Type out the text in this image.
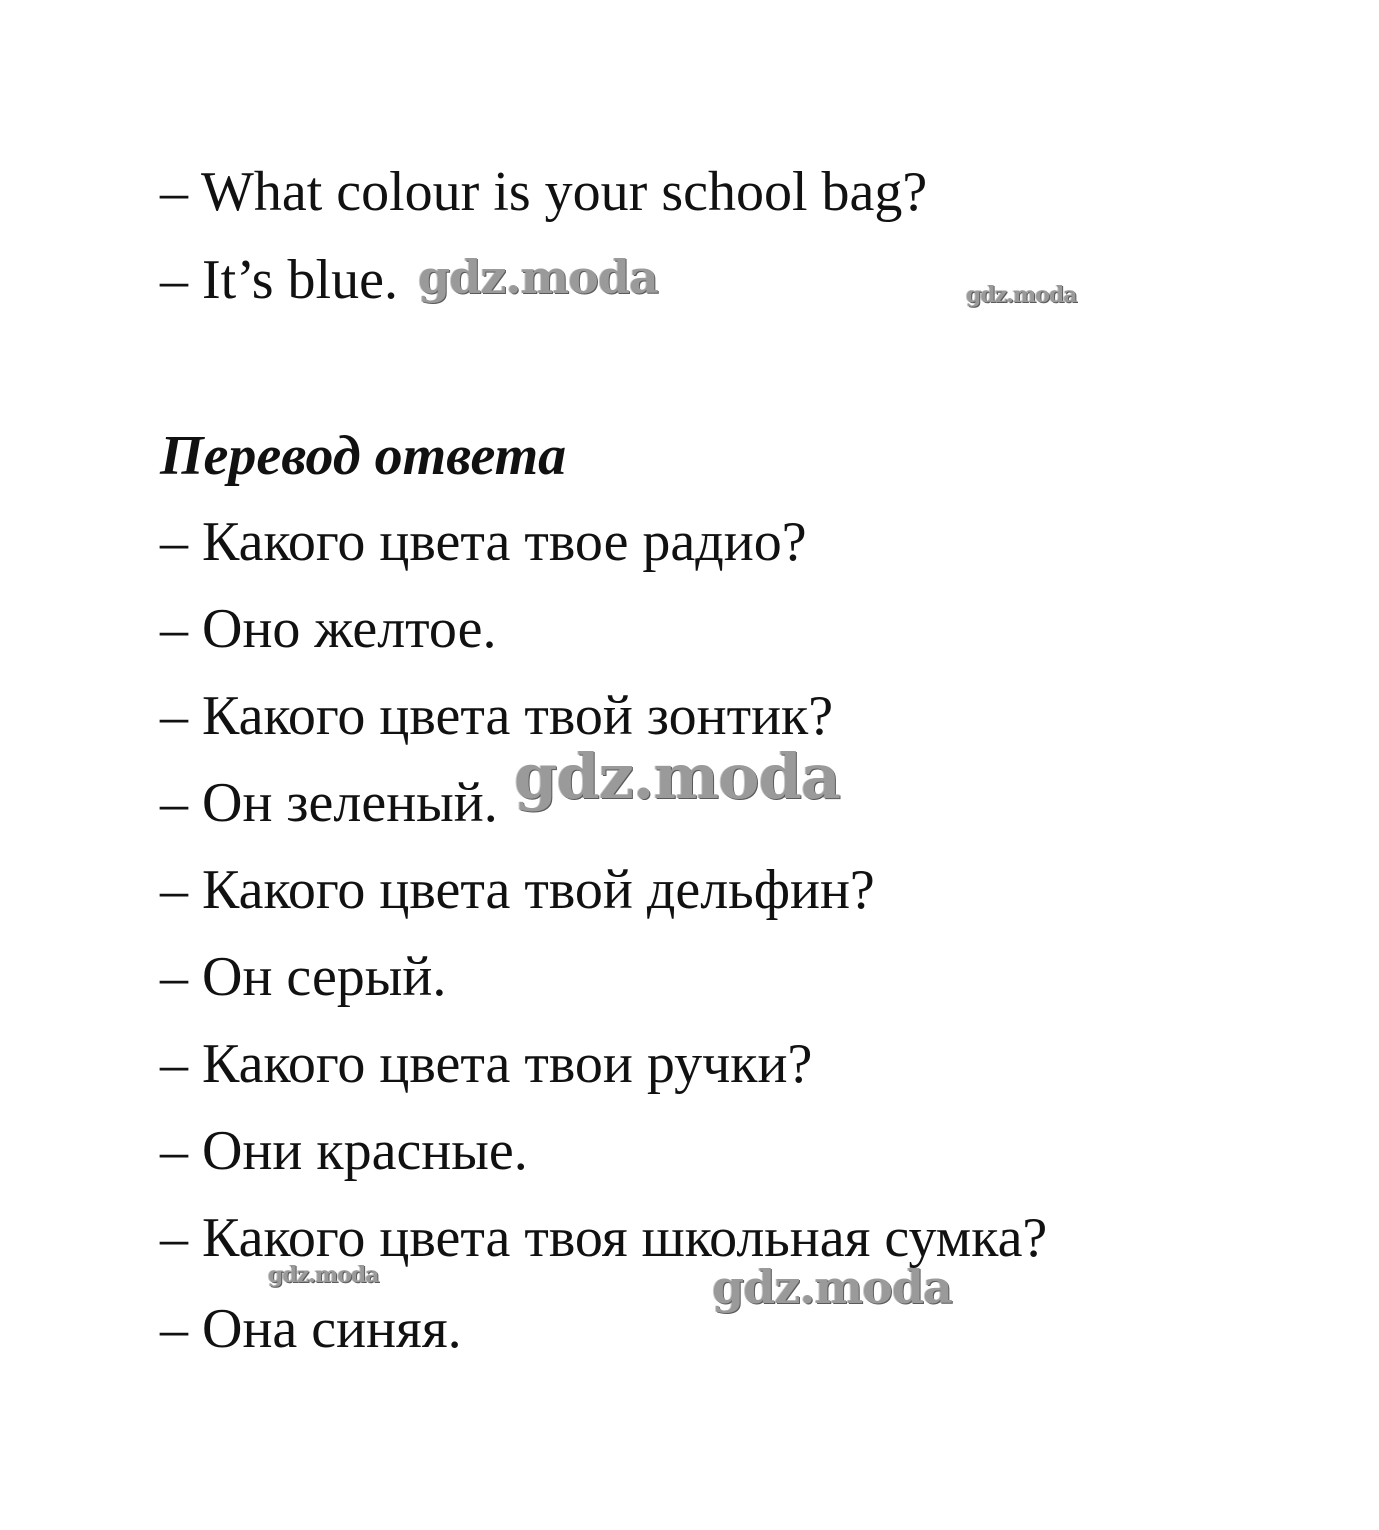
– What colour is your school bag?
– It’s blue.
Перевод ответа
– Какого цвета твое радио?
– Оно желтое.
– Какого цвета твой зонтик?
– Он зеленый.
– Какого цвета твой дельфин?
– Он серый.
– Какого цвета твои ручки?
– Они красные.
– Какого цвета твоя школьная сумка?
– Она синяя.
gdz.moda	gdz.moda
gdz.moda
gdz.moda	gdz.moda
